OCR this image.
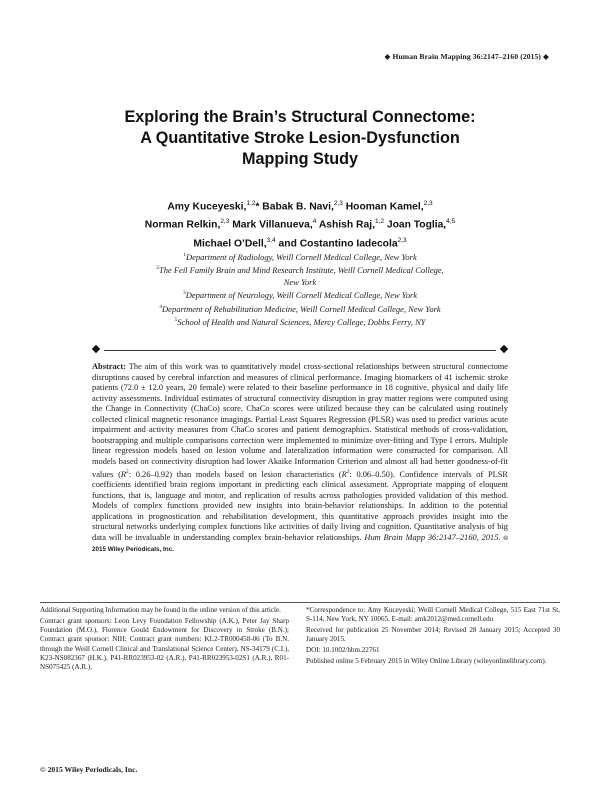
◆ Human Brain Mapping 36:2147–2160 (2015) ◆
Exploring the Brain’s Structural Connectome:
A Quantitative Stroke Lesion-Dysfunction
Mapping Study
Amy Kuceyeski,$^{1,2}$* Babak B. Navi,$^{2,3}$ Hooman Kamel,$^{2,3}$
Norman Relkin,$^{2,3}$ Mark Villanueva,$^4$ Ashish Raj,$^{1,2}$ Joan Toglia,$^{4,5}$
Michael O’Dell,$^{3,4}$ and Costantino Iadecola$^{2,3}$
$^1$Department of Radiology, Weill Cornell Medical College, New York
$^2$The Feil Family Brain and Mind Research Institute, Weill Cornell Medical College,
New York
$^3$Department of Neurology, Weill Cornell Medical College, New York
$^4$Department of Rehabilitation Medicine, Weill Cornell Medical College, New York
$^5$School of Health and Natural Sciences, Mercy College, Dobbs Ferry, NY
Abstract: The aim of this work was to quantitatively model cross-sectional relationships between structural connectome disruptions caused by cerebral infarction and measures of clinical performance. Imaging biomarkers of 41 ischemic stroke patients (72.0 ± 12.0 years, 20 female) were related to their baseline performance in 18 cognitive, physical and daily life activity assessments. Individual estimates of structural connectivity disruption in gray matter regions were computed using the Change in Connectivity (ChaCo) score. ChaCo scores were utilized because they can be calculated using routinely collected clinical magnetic resonance imagings. Partial Least Squares Regression (PLSR) was used to predict various acute impairment and activity measures from ChaCo scores and patient demographics. Statistical methods of cross-validation, bootstrapping and multiple comparisons correction were implemented to minimize over-fitting and Type I errors. Multiple linear regression models based on lesion volume and lateralization information were constructed for comparison. All models based on connectivity disruption had lower Akaike Information Criterion and almost all had better goodness-of-fit values ($R^2$: 0.26–0.92) than models based on lesion characteristics ($R^2$: 0.06–0.50). Confidence intervals of PLSR coefficients identified brain regions important in predicting each clinical assessment. Appropriate mapping of eloquent functions, that is, language and motor, and replication of results across pathologies provided validation of this method. Models of complex functions provided new insights into brain-behavior relationships. In addition to the potential applications in prognostication and rehabilitation development, this quantitative approach provides insight into the structural networks underlying complex functions like activities of daily living and cognition. Quantitative analysis of big data will be invaluable in understanding complex brain-behavior relationships. Hum Brain Mapp 36:2147–2160, 2015. © 2015 Wiley Periodicals, Inc.

Additional Supporting Information may be found in the online version of this article.

Contract grant sponsors: Leon Levy Foundation Fellowship (A.K.), Peter Jay Sharp Foundation (M.O.), Florence Gould Endowment for Discovery in Stroke (B.N.); Contract grant sponsor: NIH; Contract grant numbers: KL2-TR000458-06 (To B.N. through the Weill Cornell Clinical and Translational Science Center), NS-34179 (C.I.), K23-NS082367 (H.K.), P41-RR023953-02 (A.R.), P41-RR023953-02S1 (A.R.), R01-NS075425 (A.R.).

*Correspondence to: Amy Kuceyeski; Weill Cornell Medical College, 515 East 71st St, S-114, New York, NY 10065. E-mail: amk2012@med.cornell.edu

Received for publication 25 November 2014; Revised 28 January 2015; Accepted 30 January 2015.

DOI: 10.1002/hbm.22761

Published online 5 February 2015 in Wiley Online Library (wileyonlinelibrary.com).

© 2015 Wiley Periodicals, Inc.
